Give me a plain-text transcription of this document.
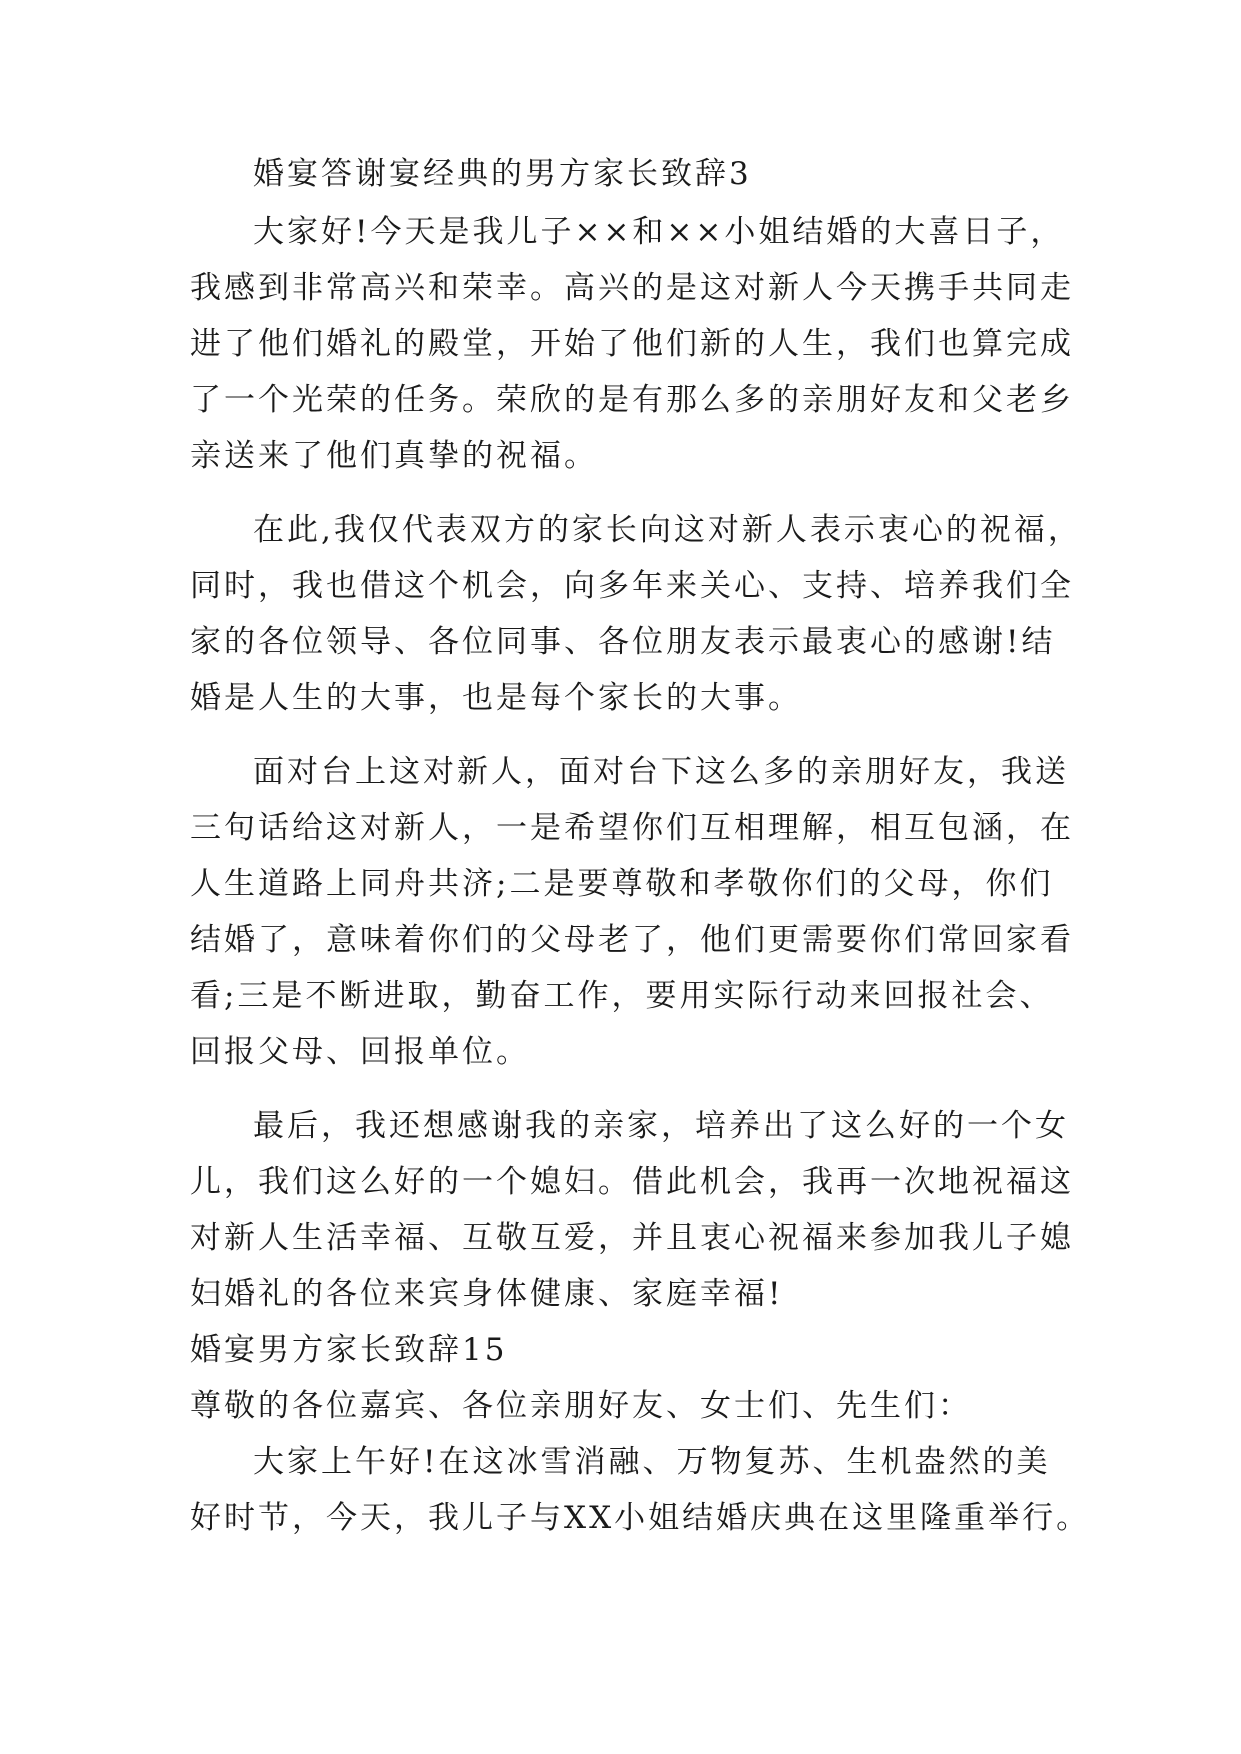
婚宴答谢宴经典的男方家长致辞3
大家好!今天是我儿子××和××小姐结婚的大喜日子，
我感到非常高兴和荣幸。高兴的是这对新人今天携手共同走
进了他们婚礼的殿堂，开始了他们新的人生，我们也算完成
了一个光荣的任务。荣欣的是有那么多的亲朋好友和父老乡
亲送来了他们真挚的祝福。
在此,我仅代表双方的家长向这对新人表示衷心的祝福，
同时，我也借这个机会，向多年来关心、支持、培养我们全
家的各位领导、各位同事、各位朋友表示最衷心的感谢!结
婚是人生的大事，也是每个家长的大事。
面对台上这对新人，面对台下这么多的亲朋好友，我送
三句话给这对新人，一是希望你们互相理解，相互包涵，在
人生道路上同舟共济;二是要尊敬和孝敬你们的父母，你们
结婚了，意味着你们的父母老了，他们更需要你们常回家看
看;三是不断进取，勤奋工作，要用实际行动来回报社会、
回报父母、回报单位。
最后，我还想感谢我的亲家，培养出了这么好的一个女
儿，我们这么好的一个媳妇。借此机会，我再一次地祝福这
对新人生活幸福、互敬互爱，并且衷心祝福来参加我儿子媳
妇婚礼的各位来宾身体健康、家庭幸福!
婚宴男方家长致辞15
尊敬的各位嘉宾、各位亲朋好友、女士们、先生们：
大家上午好!在这冰雪消融、万物复苏、生机盎然的美
好时节，今天，我儿子与XX小姐结婚庆典在这里隆重举行。
